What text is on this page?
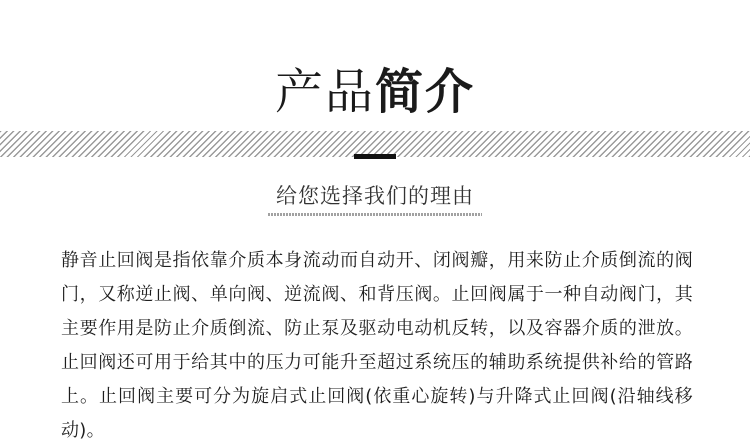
产品简介
给您选择我们的理由
静音止回阀是指依靠介质本身流动而自动开、闭阀瓣，用来防止介质倒流的阀门，又称逆止阀、单向阀、逆流阀、和背压阀。止回阀属于一种自动阀门，其主要作用是防止介质倒流、防止泵及驱动电动机反转，以及容器介质的泄放。止回阀还可用于给其中的压力可能升至超过系统压的辅助系统提供补给的管路上。止回阀主要可分为旋启式止回阀(依重心旋转)与升降式止回阀(沿轴线移动)。
